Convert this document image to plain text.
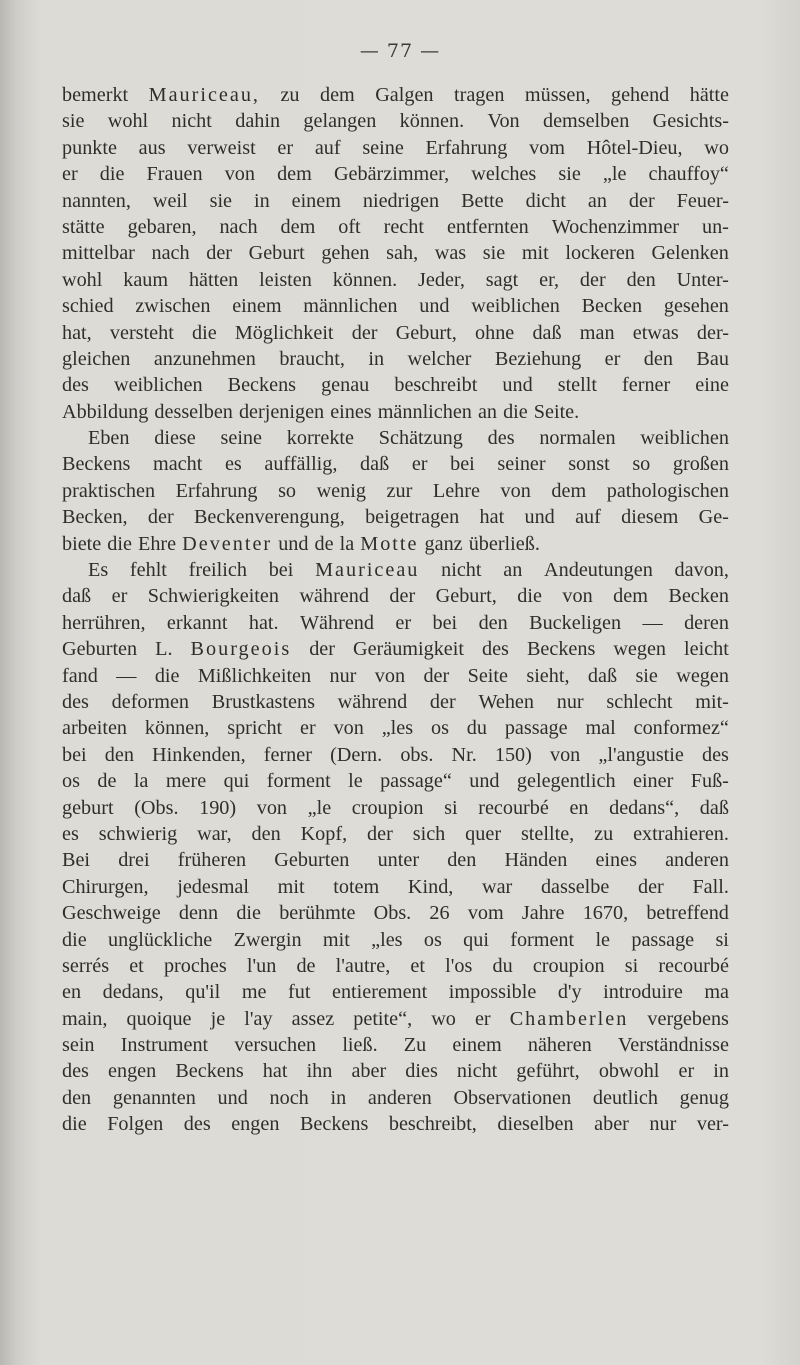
— 77 —
bemerkt Mauriceau, zu dem Galgen tragen müssen, gehend hätte
sie wohl nicht dahin gelangen können. Von demselben Gesichts-
punkte aus verweist er auf seine Erfahrung vom Hôtel-Dieu, wo
er die Frauen von dem Gebärzimmer, welches sie „le chauffoy“
nannten, weil sie in einem niedrigen Bette dicht an der Feuer-
stätte gebaren, nach dem oft recht entfernten Wochenzimmer un-
mittelbar nach der Geburt gehen sah, was sie mit lockeren Gelenken
wohl kaum hätten leisten können. Jeder, sagt er, der den Unter-
schied zwischen einem männlichen und weiblichen Becken gesehen
hat, versteht die Möglichkeit der Geburt, ohne daß man etwas der-
gleichen anzunehmen braucht, in welcher Beziehung er den Bau
des weiblichen Beckens genau beschreibt und stellt ferner eine
Abbildung desselben derjenigen eines männlichen an die Seite.
Eben diese seine korrekte Schätzung des normalen weiblichen
Beckens macht es auffällig, daß er bei seiner sonst so großen
praktischen Erfahrung so wenig zur Lehre von dem pathologischen
Becken, der Beckenverengung, beigetragen hat und auf diesem Ge-
biete die Ehre Deventer und de la Motte ganz überließ.
Es fehlt freilich bei Mauriceau nicht an Andeutungen davon,
daß er Schwierigkeiten während der Geburt, die von dem Becken
herrühren, erkannt hat. Während er bei den Buckeligen — deren
Geburten L. Bourgeois der Geräumigkeit des Beckens wegen leicht
fand — die Mißlichkeiten nur von der Seite sieht, daß sie wegen
des deformen Brustkastens während der Wehen nur schlecht mit-
arbeiten können, spricht er von „les os du passage mal conformez“
bei den Hinkenden, ferner (Dern. obs. Nr. 150) von „l'angustie des
os de la mere qui forment le passage“ und gelegentlich einer Fuß-
geburt (Obs. 190) von „le croupion si recourbé en dedans“, daß
es schwierig war, den Kopf, der sich quer stellte, zu extrahieren.
Bei drei früheren Geburten unter den Händen eines anderen
Chirurgen, jedesmal mit totem Kind, war dasselbe der Fall.
Geschweige denn die berühmte Obs. 26 vom Jahre 1670, betreffend
die unglückliche Zwergin mit „les os qui forment le passage si
serrés et proches l'un de l'autre, et l'os du croupion si recourbé
en dedans, qu'il me fut entierement impossible d'y introduire ma
main, quoique je l'ay assez petite“, wo er Chamberlen vergebens
sein Instrument versuchen ließ. Zu einem näheren Verständnisse
des engen Beckens hat ihn aber dies nicht geführt, obwohl er in
den genannten und noch in anderen Observationen deutlich genug
die Folgen des engen Beckens beschreibt, dieselben aber nur ver-
